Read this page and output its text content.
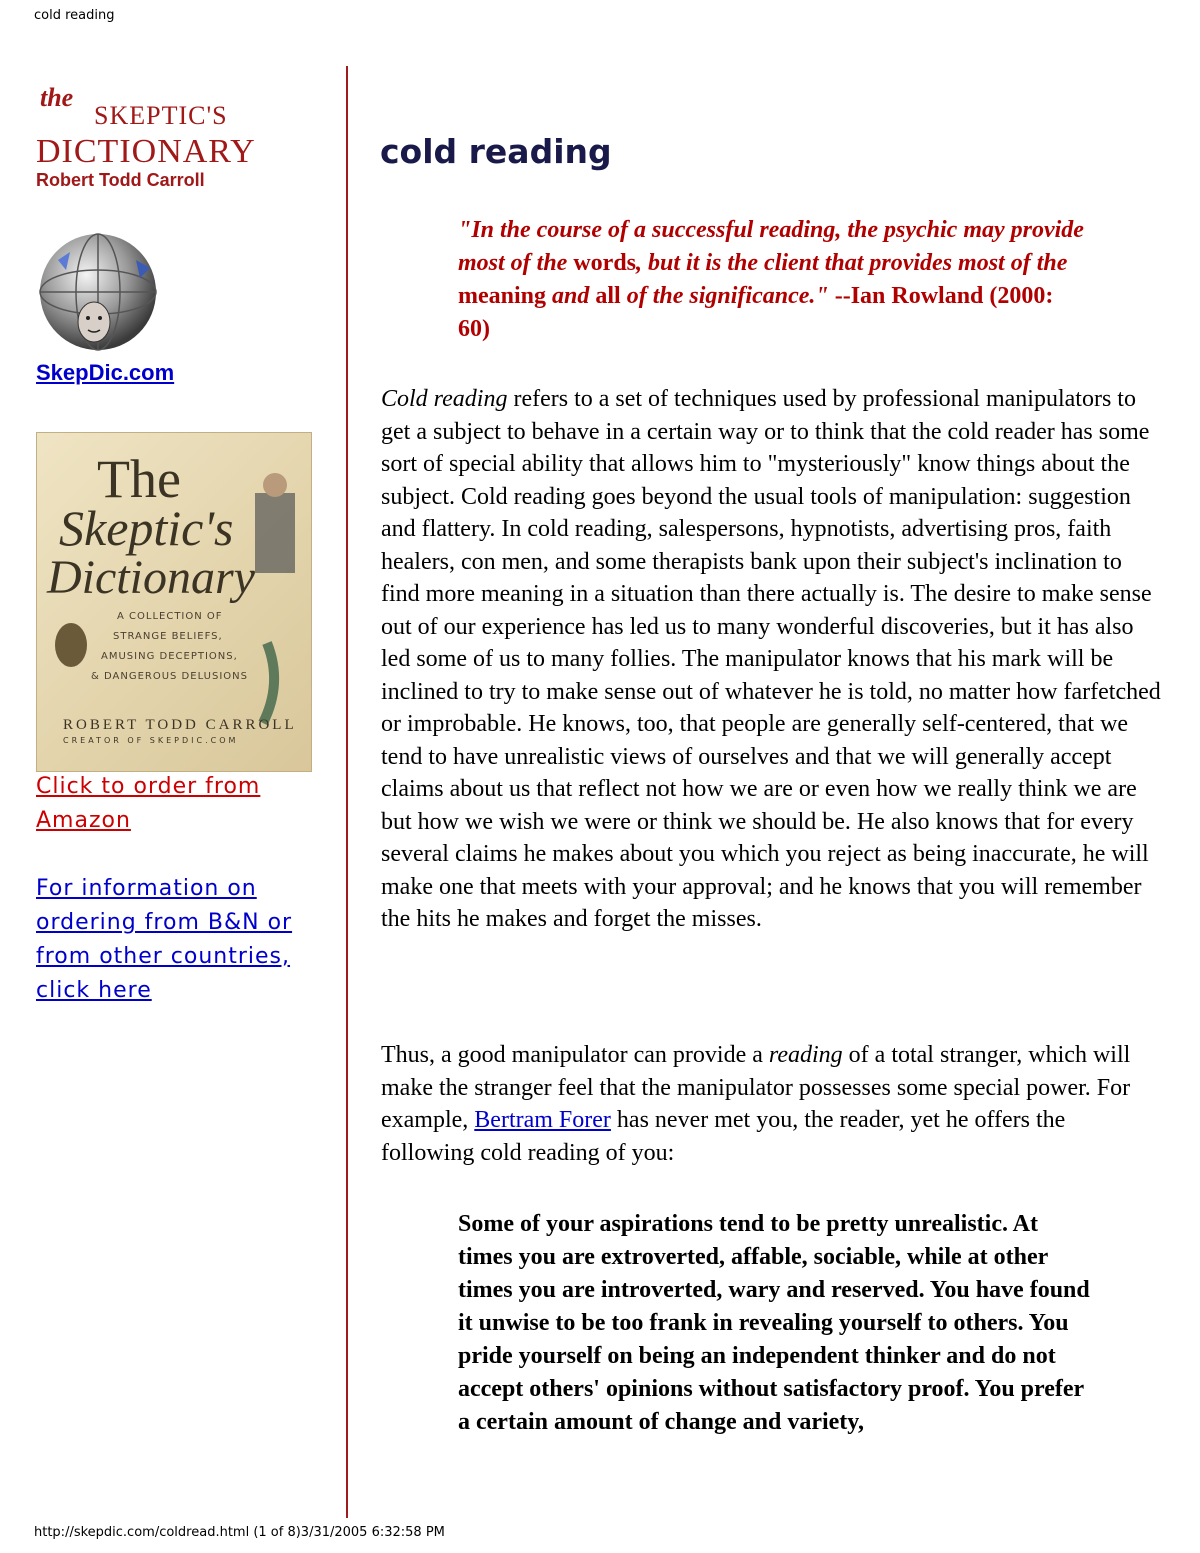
cold reading
the
SKEPTIC'S
DICTIONARY
Robert Todd Carroll
SkepDic.com
The
Skeptic's
Dictionary
A COLLECTION OF
STRANGE BELIEFS,
AMUSING DECEPTIONS,
& DANGEROUS DELUSIONS
ROBERT TODD CARROLL
CREATOR OF SKEPDIC.COM
Click to order from Amazon
For information on ordering from B&N or from other countries, click here
cold reading

"In the course of a successful reading, the psychic may provide most of the words, but it is the client that provides most of the meaning and all of the significance." --Ian Rowland (2000: 60)

Cold reading refers to a set of techniques used by professional manipulators to get a subject to behave in a certain way or to think that the cold reader has some sort of special ability that allows him to "mysteriously" know things about the subject. Cold reading goes beyond the usual tools of manipulation: suggestion and flattery. In cold reading, salespersons, hypnotists, advertising pros, faith healers, con men, and some therapists bank upon their subject's inclination to find more meaning in a situation than there actually is. The desire to make sense out of our experience has led us to many wonderful discoveries, but it has also led some of us to many follies. The manipulator knows that his mark will be inclined to try to make sense out of whatever he is told, no matter how farfetched or improbable. He knows, too, that people are generally self-centered, that we tend to have unrealistic views of ourselves and that we will generally accept claims about us that reflect not how we are or even how we really think we are but how we wish we were or think we should be. He also knows that for every several claims he makes about you which you reject as being inaccurate, he will make one that meets with your approval; and he knows that you will remember the hits he makes and forget the misses.

Thus, a good manipulator can provide a reading of a total stranger, which will make the stranger feel that the manipulator possesses some special power. For example, Bertram Forer has never met you, the reader, yet he offers the following cold reading of you:

Some of your aspirations tend to be pretty unrealistic. At times you are extroverted, affable, sociable, while at other times you are introverted, wary and reserved. You have found it unwise to be too frank in revealing yourself to others. You pride yourself on being an independent thinker and do not accept others' opinions without satisfactory proof. You prefer a certain amount of change and variety,

http://skepdic.com/coldread.html (1 of 8)3/31/2005 6:32:58 PM
